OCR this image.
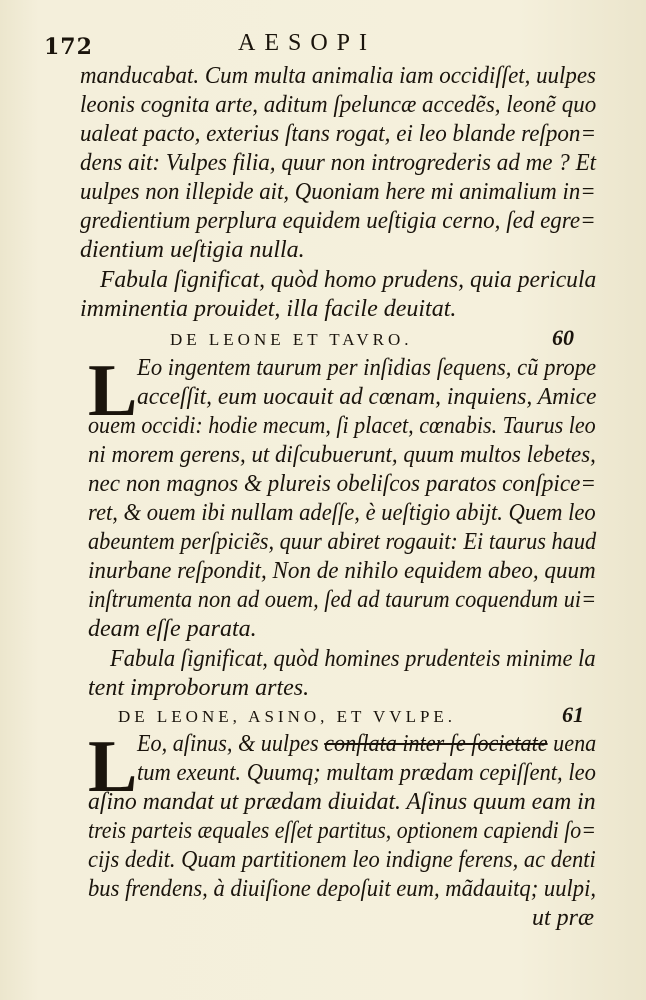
172	AESOPI
manducabat. Cum multa animalia iam occidiſſet, uulpes
leonis cognita arte, aditum ſpeluncæ accedẽs, leonẽ quo
ualeat pacto, exterius ſtans rogat, ei leo blande reſpon=
dens ait: Vulpes filia, quur non introgrederis ad me ? Et
uulpes non illepide ait, Quoniam here mi animalium in=
gredientium perplura equidem ueſtigia cerno, ſed egre=
dientium ueſtigia nulla.
Fabula ſignificat, quòd homo prudens, quia pericula
imminentia prouidet, illa facile deuitat.
DE LEONE ET TAVRO.	60
L Eo ingentem taurum per inſidias ſequens, cũ prope
acceſſit, eum uocauit ad cœnam, inquiens, Amice
ouem occidi: hodie mecum, ſi placet, cœnabis. Taurus leo
ni morem gerens, ut diſcubuerunt, quum multos lebetes,
nec non magnos & plureis obeliſcos paratos conſpice=
ret, & ouem ibi nullam adeſſe, è ueſtigio abijt. Quem leo
abeuntem perſpiciẽs, quur abiret rogauit: Ei taurus haud
inurbane reſpondit, Non de nihilo equidem abeo, quum
inſtrumenta non ad ouem, ſed ad taurum coquendum ui=
deam eſſe parata.
Fabula ſignificat, quòd homines prudenteis minime la
tent improborum artes.
DE LEONE, ASINO, ET VVLPE.	61
L Eo, aſinus, & uulpes conſlata inter ſe ſocietate uena
tum exeunt. Quumq; multam prædam cepiſſent, leo
aſino mandat ut prædam diuidat. Aſinus quum eam in
treis parteis æquales eſſet partitus, optionem capiendi ſo=
cijs dedit. Quam partitionem leo indigne ferens, ac denti
bus frendens, à diuiſione depoſuit eum, mãdauitq; uulpi,
ut præ
